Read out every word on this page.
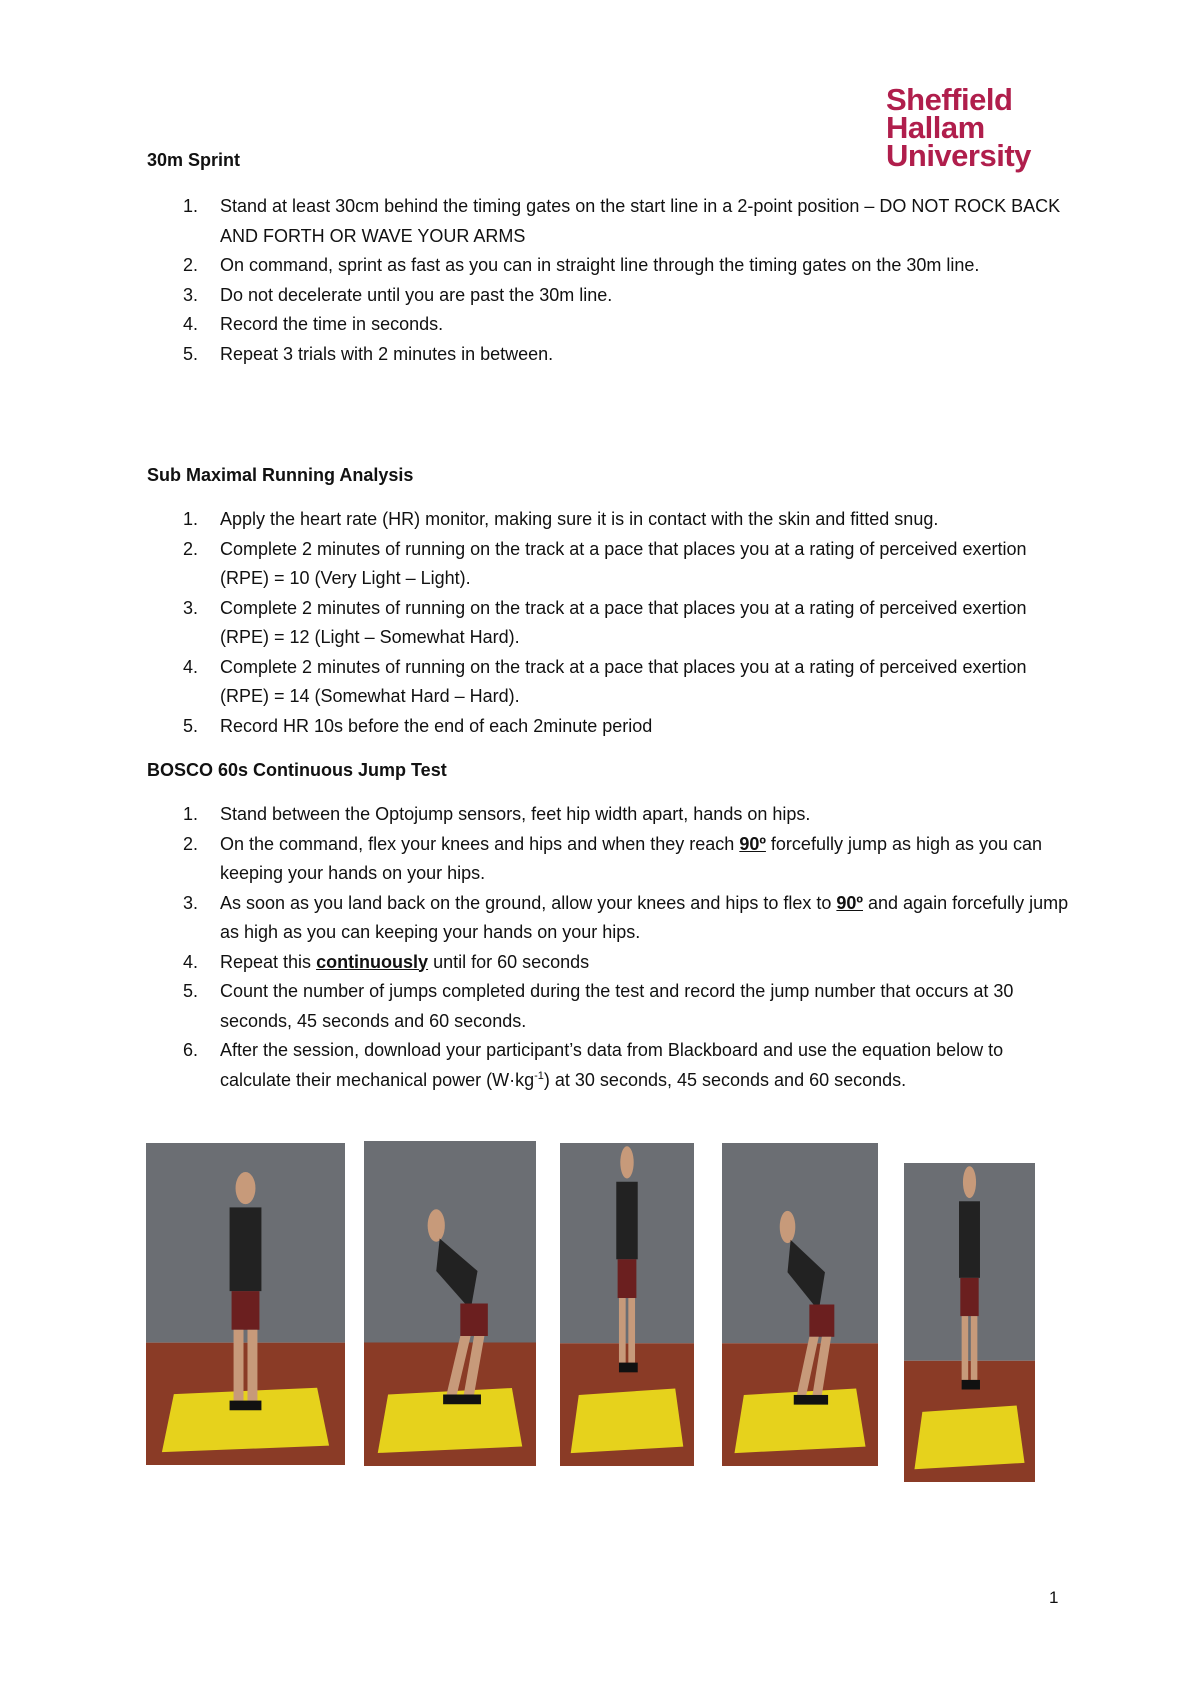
Sheffield
Hallam
University
30m Sprint
1. Stand at least 30cm behind the timing gates on the start line in a 2-point position – DO NOT ROCK BACK AND FORTH OR WAVE YOUR ARMS
2. On command, sprint as fast as you can in straight line through the timing gates on the 30m line.
3. Do not decelerate until you are past the 30m line.
4. Record the time in seconds.
5. Repeat 3 trials with 2 minutes in between.
Sub Maximal Running Analysis
1. Apply the heart rate (HR) monitor, making sure it is in contact with the skin and fitted snug.
2. Complete 2 minutes of running on the track at a pace that places you at a rating of perceived exertion (RPE) = 10 (Very Light – Light).
3. Complete 2 minutes of running on the track at a pace that places you at a rating of perceived exertion (RPE) = 12 (Light – Somewhat Hard).
4. Complete 2 minutes of running on the track at a pace that places you at a rating of perceived exertion (RPE) = 14 (Somewhat Hard – Hard).
5. Record HR 10s before the end of each 2minute period
BOSCO 60s Continuous Jump Test
1. Stand between the Optojump sensors, feet hip width apart, hands on hips.
2. On the command, flex your knees and hips and when they reach 90º forcefully jump as high as you can keeping your hands on your hips.
3. As soon as you land back on the ground, allow your knees and hips to flex to 90º and again forcefully jump as high as you can keeping your hands on your hips.
4. Repeat this continuously until for 60 seconds
5. Count the number of jumps completed during the test and record the jump number that occurs at 30 seconds, 45 seconds and 60 seconds.
6. After the session, download your participant’s data from Blackboard and use the equation below to calculate their mechanical power $(W\cdot kg^{-1})$ at 30 seconds, 45 seconds and 60 seconds.
1
